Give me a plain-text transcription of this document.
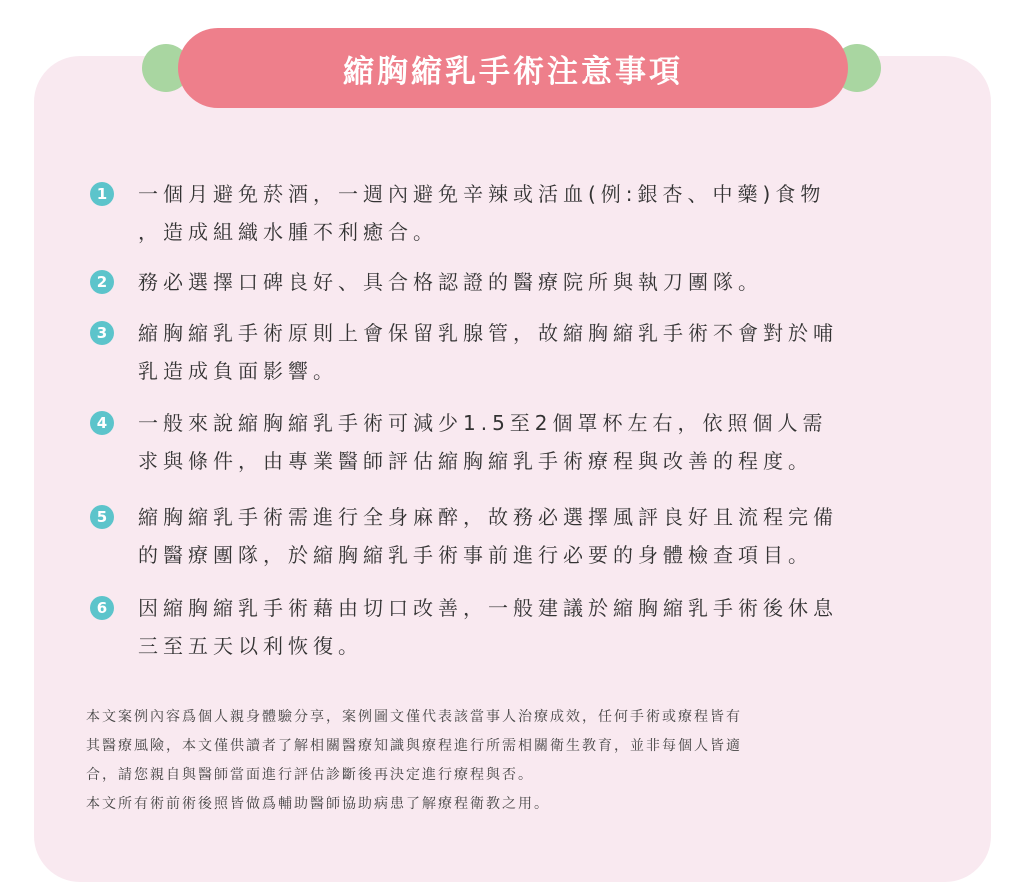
縮胸縮乳手術注意事項
1	一個月避免菸酒，一週內避免辛辣或活血(例:銀杏、中藥)食物
，造成組織水腫不利癒合。
2	務必選擇口碑良好、具合格認證的醫療院所與執刀團隊。
3	縮胸縮乳手術原則上會保留乳腺管，故縮胸縮乳手術不會對於哺
乳造成負面影響。
4	一般來說縮胸縮乳手術可減少1.5至2個罩杯左右，依照個人需
求與條件，由專業醫師評估縮胸縮乳手術療程與改善的程度。
5	縮胸縮乳手術需進行全身麻醉，故務必選擇風評良好且流程完備
的醫療團隊，於縮胸縮乳手術事前進行必要的身體檢查項目。
6	因縮胸縮乳手術藉由切口改善，一般建議於縮胸縮乳手術後休息
三至五天以利恢復。
本文案例內容爲個人親身體驗分享，案例圖文僅代表該當事人治療成效，任何手術或療程皆有
其醫療風險，本文僅供讀者了解相關醫療知識與療程進行所需相關衛生教育，並非每個人皆適
合，請您親自與醫師當面進行評估診斷後再決定進行療程與否。
本文所有術前術後照皆做爲輔助醫師協助病患了解療程衛教之用。
